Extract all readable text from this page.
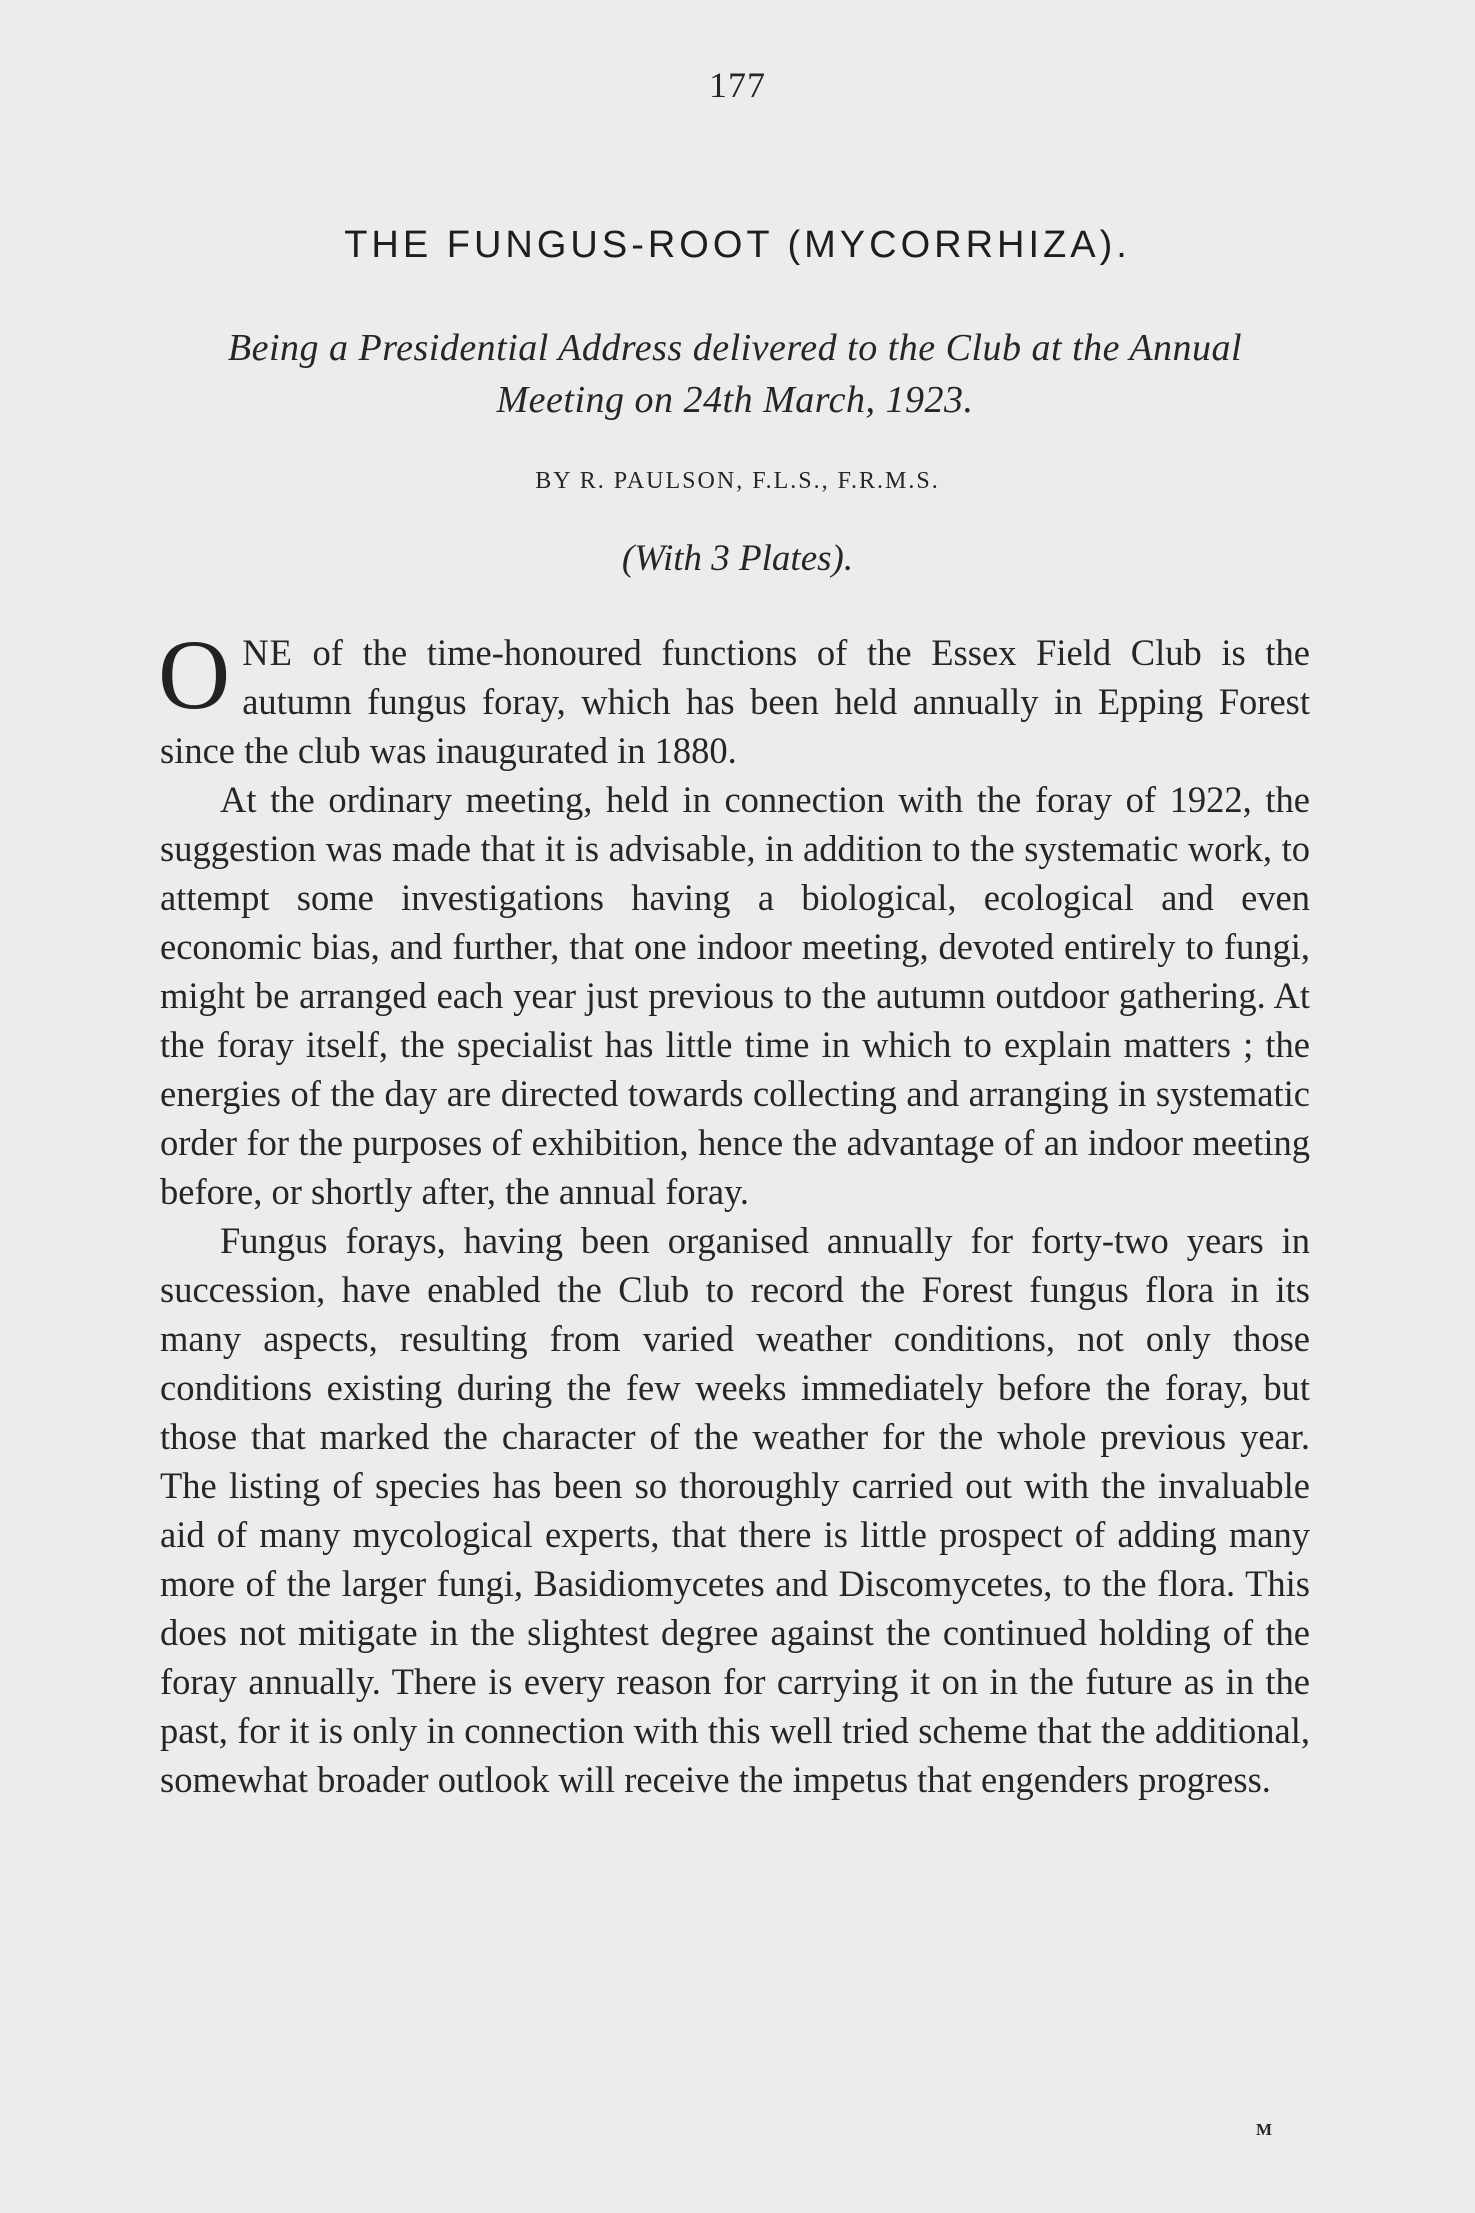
177
THE FUNGUS-ROOT (MYCORRHIZA).
Being a Presidential Address delivered to the Club at the Annual
Meeting on 24th March, 1923.
BY R. PAULSON, F.L.S., F.R.M.S.
(With 3 Plates).

ONE of the time-honoured functions of the Essex Field Club is the autumn fungus foray, which has been held annually in Epping Forest since the club was inaugurated in 1880.

At the ordinary meeting, held in connection with the foray of 1922, the suggestion was made that it is advisable, in addition to the systematic work, to attempt some investigations having a biological, ecological and even economic bias, and further, that one indoor meeting, devoted entirely to fungi, might be arranged each year just previous to the autumn outdoor gathering. At the foray itself, the specialist has little time in which to explain matters ; the energies of the day are directed towards collecting and arranging in systematic order for the purposes of exhibition, hence the advantage of an indoor meeting before, or shortly after, the annual foray.

Fungus forays, having been organised annually for forty-two years in succession, have enabled the Club to record the Forest fungus flora in its many aspects, resulting from varied weather conditions, not only those conditions existing during the few weeks immediately before the foray, but those that marked the character of the weather for the whole previous year. The listing of species has been so thoroughly carried out with the invaluable aid of many mycological experts, that there is little prospect of adding many more of the larger fungi, Basidiomycetes and Discomycetes, to the flora. This does not mitigate in the slightest degree against the continued holding of the foray annually. There is every reason for carrying it on in the future as in the past, for it is only in connection with this well tried scheme that the additional, somewhat broader outlook will receive the impetus that engenders progress.

M
